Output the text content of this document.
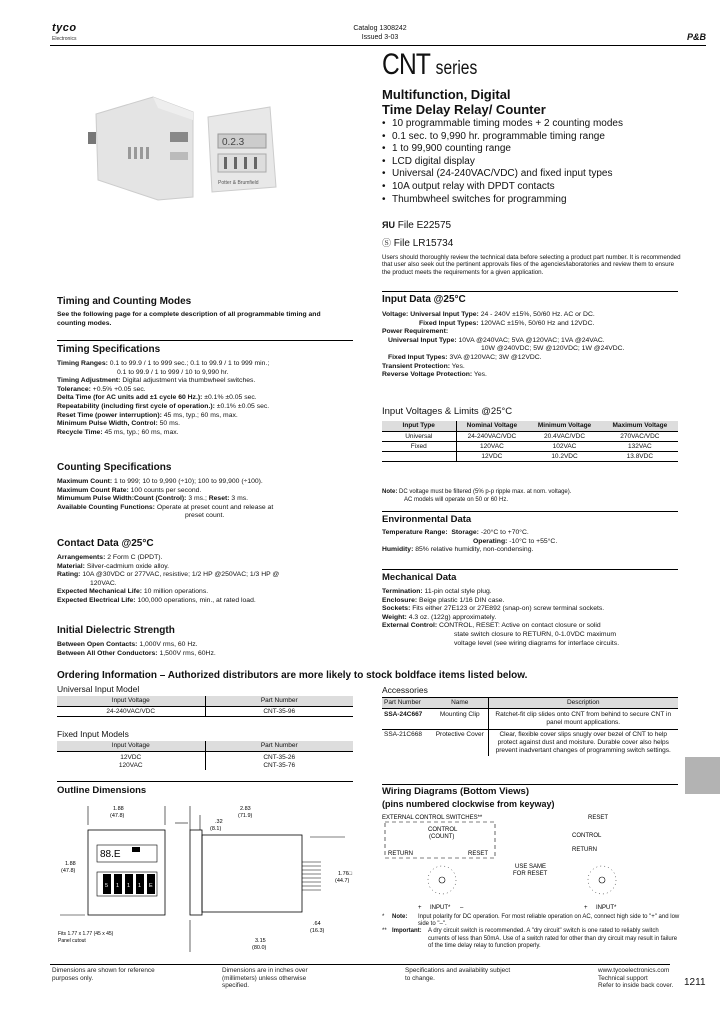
tyco
Electronics
Catalog 1308242
Issued 3-03	P&B
0.2.3
Potter & Brumfield
CNT series
Multifunction, Digital
Time Delay Relay/ Counter
• 10 programmable timing modes + 2 counting modes
• 0.1 sec. to 9,990 hr. programmable timing range
• 1 to 99,900 counting range
• LCD digital display
• Universal (24-240VAC/VDC) and fixed input types
• 10A output relay with DPDT contacts
• Thumbwheel switches for programming
ЯU File E22575
Ⓢ File LR15734
Users should thoroughly review the technical data before selecting a product part number. It is recommended that user also seek out the pertinent approvals files of the agencies/laboratories and review them to ensure the product meets the requirements for a given application.
Timing and Counting Modes
See the following page for a complete description of all programmable timing and counting modes.
Timing Specifications
Timing Ranges: 0.1 to 99.9 / 1 to 999 sec.; 0.1 to 99.9 / 1 to 999 min.;
0.1 to 99.9 / 1 to 999 / 10 to 9,990 hr.
Timing Adjustment: Digital adjustment via thumbwheel switches.
Tolerance: +0.5% +0.05 sec.
Delta Time (for AC units add ±1 cycle 60 Hz.): ±0.1% ±0.05 sec.
Repeatability (including first cycle of operation.): ±0.1% ±0.05 sec.
Reset Time (power interruption): 45 ms, typ.; 60 ms, max.
Minimum Pulse Width, Control: 50 ms.
Recycle Time: 45 ms, typ.; 60 ms, max.
Counting Specifications
Maximum Count: 1 to 999; 10 to 9,990 (÷10); 100 to 99,900 (÷100).
Maximum Count Rate: 100 counts per second.
Mimumum Pulse Width:Count (Control): 3 ms.; Reset: 3 ms.
Available Counting Functions: Operate at preset count and release at
preset count.
Contact Data @25°C
Arrangements: 2 Form C (DPDT).
Material: Silver-cadmium oxide alloy.
Rating: 10A @30VDC or 277VAC, resistive; 1/2 HP @250VAC; 1/3 HP @
120VAC.
Expected Mechanical Life: 10 million operations.
Expected Electrical Life: 100,000 operations, min., at rated load.
Initial Dielectric Strength
Between Open Contacts: 1,000V rms, 60 Hz.
Between All Other Conductors: 1,500V rms, 60Hz.
Input Data @25°C
Voltage: Universal Input Type: 24 - 240V ±15%, 50/60 Hz. AC or DC.
Fixed Input Types: 120VAC ±15%, 50/60 Hz and 12VDC.
Power Requirement:
Universal Input Type: 10VA @240VAC; 5VA @120VAC; 1VA @24VAC.
10W @240VDC; 5W @120VDC; 1W @24VDC.
Fixed Input Types: 3VA @120VAC; 3W @12VDC.
Transient Protection: Yes.
Reverse Voltage Protection: Yes.
Input Voltages & Limits @25°C
Input Type	Nominal Voltage	Minimum Voltage	Maximum Voltage
Universal	24-240VAC/VDC	20.4VAC/VDC	270VAC/VDC
Fixed	120VAC	102VAC	132VAC
	12VDC	10.2VDC	13.8VDC
Note: DC voltage must be filtered (5% p-p ripple max. at nom. voltage).
AC models will operate on 50 or 60 Hz.
Environmental Data
Temperature Range: Storage: -20°C to +70°C.
Operating: -10°C to +55°C.
Humidity: 85% relative humidity, non-condensing.
Mechanical Data
Termination: 11-pin octal style plug.
Enclosure: Beige plastic 1/16 DIN case.
Sockets: Fits either 27E123 or 27E892 (snap-on) screw terminal sockets.
Weight: 4.3 oz. (122g) approximately.
External Control: CONTROL, RESET: Active on contact closure or solid
state switch closure to RETURN, 0-1.0VDC maximum
voltage level (see wiring diagrams for interface circuits.
Ordering Information – Authorized distributors are more likely to stock boldface items listed below.
Universal Input Model
Input Voltage	Part Number
24-240VAC/VDC	CNT-35-96
Fixed Input Models
Input Voltage	Part Number
12VDC	CNT-35-26
120VAC	CNT-35-76
Accessories
Part Number	Name	Description
SSA-24C667	Mounting Clip	Ratchet-fit clip slides onto CNT from behind to secure CNT in panel mount applications.
SSA-21C668	Protective Cover	Clear, flexible cover slips snugly over bezel of CNT to help protect against dust and moisture. Durable cover also helps prevent inadvertant changes of programming switch settings.
Outline Dimensions
1.88
(47.8)
88.E
5 1 1 1 E
1.88
(47.8)
Fits 1.77 x 1.77 (45 x 45)
Panel cutout
2.83
(71.9)
.32
(8.1)
1.76□
(44.7)
.64
(16.3)
3.15
(80.0)
Wiring Diagrams (Bottom Views)
(pins numbered clockwise from keyway)
EXTERNAL CONTROL SWITCHES**
CONTROL
(COUNT)
RETURN	RESET
INPUT*
+	–
RESET
CONTROL
RETURN
USE SAME
FOR RESET
+ INPUT*
*	Note:	Input polarity for DC operation. For most reliable operation on AC, connect high side to "+" and low side to "–".
** Important:	A dry circuit switch is recommended. A "dry circuit" switch is one rated to reliably switch currents of less than 50mA. Use of a switch rated for other than dry circuit may result in failure of the time delay relay to function properly.
Dimensions are shown for reference purposes only.
Dimensions are in inches over (millimeters) unless otherwise specified.
Specifications and availability subject to change.
www.tycoelectronics.com
Technical support
Refer to inside back cover.	1211
